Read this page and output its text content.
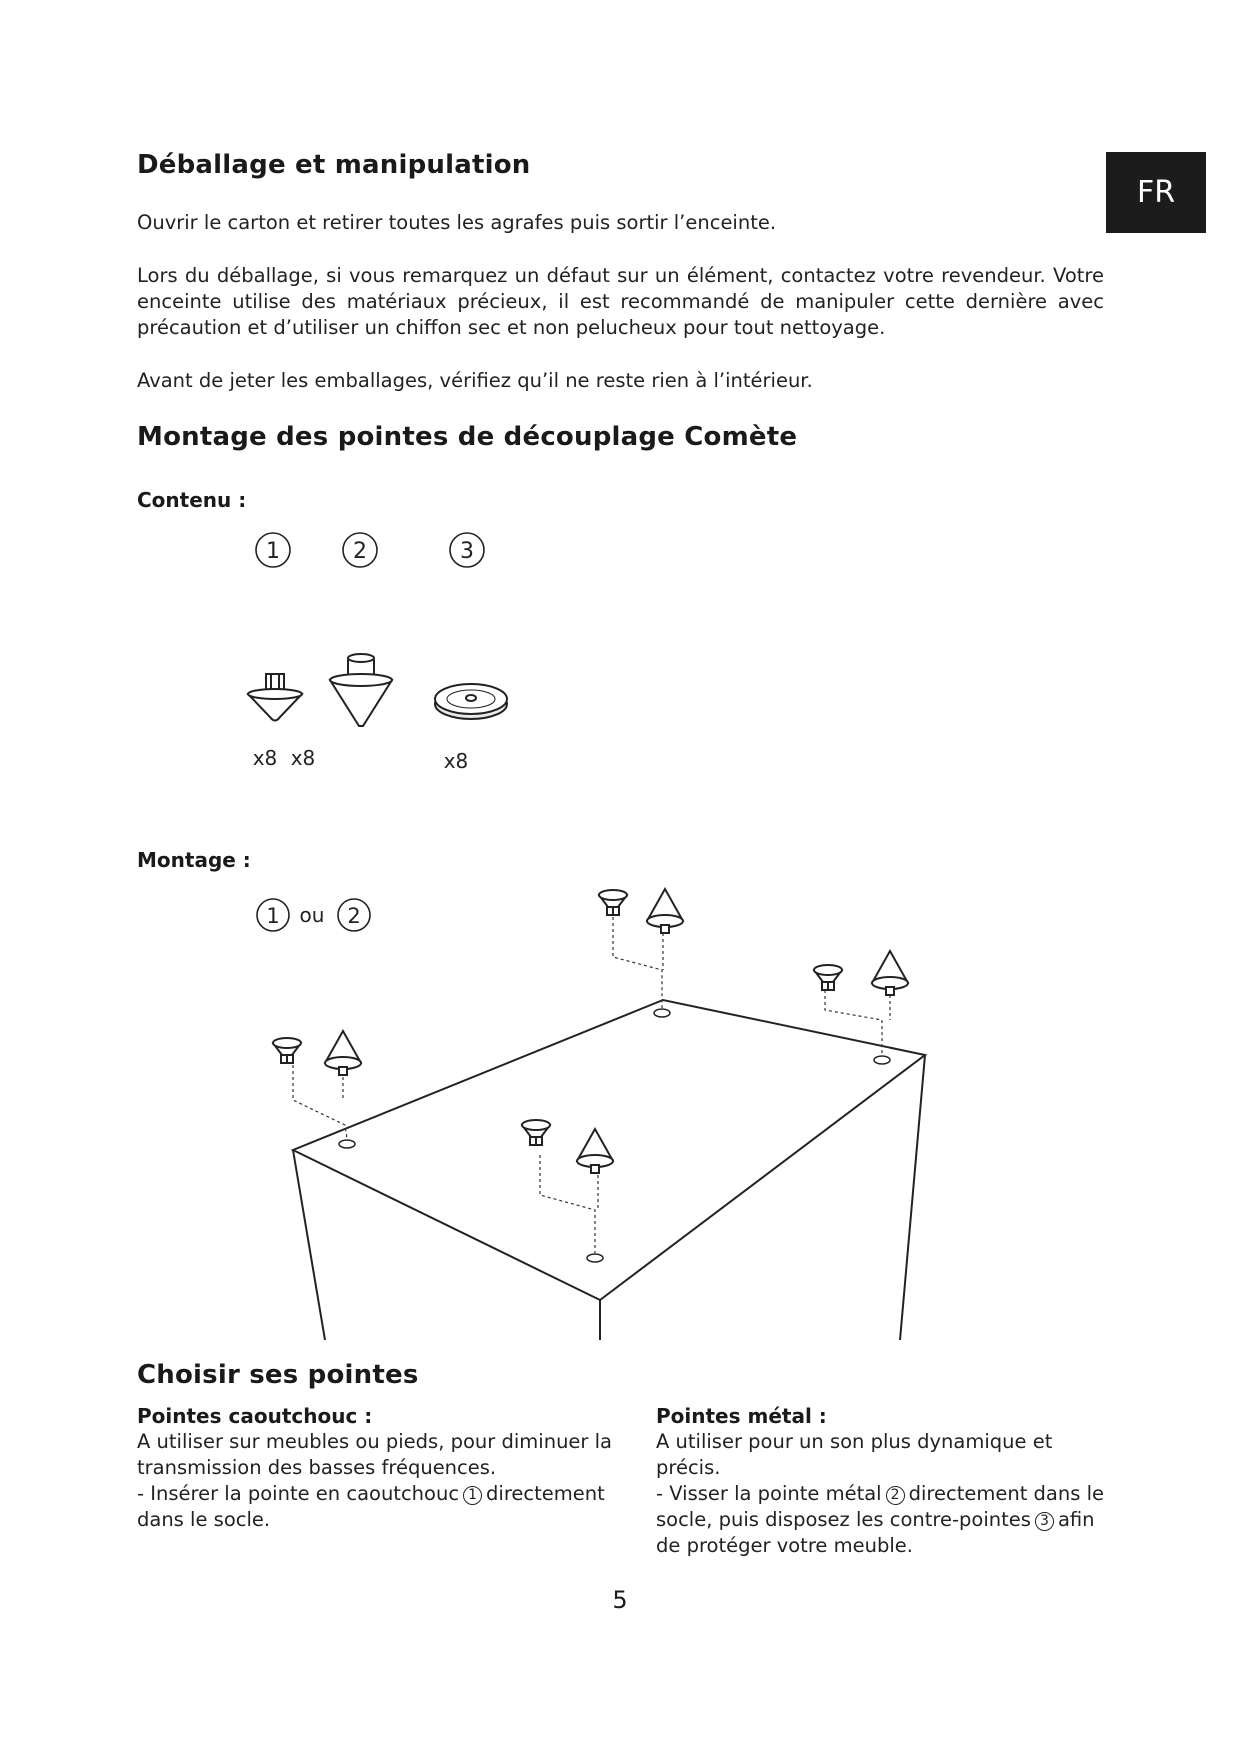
FR
Déballage et manipulation

Ouvrir le carton et retirer toutes les agrafes puis sortir l’enceinte.

Lors du déballage, si vous remarquez un défaut sur un élément, contactez votre revendeur. Votre enceinte utilise des matériaux précieux, il est recommandé de manipuler cette dernière avec précaution et d’utiliser un chiffon sec et non pelucheux pour tout nettoyage.

Avant de jeter les emballages, vérifiez qu’il ne reste rien à l’intérieur.

Montage des pointes de découplage Comète
Contenu :
1	2	3
x8 x8	x8
Montage :
1 ou 2
Choisir ses pointes
Pointes caoutchouc :

A utiliser sur meubles ou pieds, pour diminuer la transmission des basses fréquences.

- Insérer la pointe en caoutchouc 1 directement dans le socle.

Pointes métal :

A utiliser pour un son plus dynamique et précis.

- Visser la pointe métal 2 directement dans le socle, puis disposez les contre-pointes 3 afin de protéger votre meuble.

5
